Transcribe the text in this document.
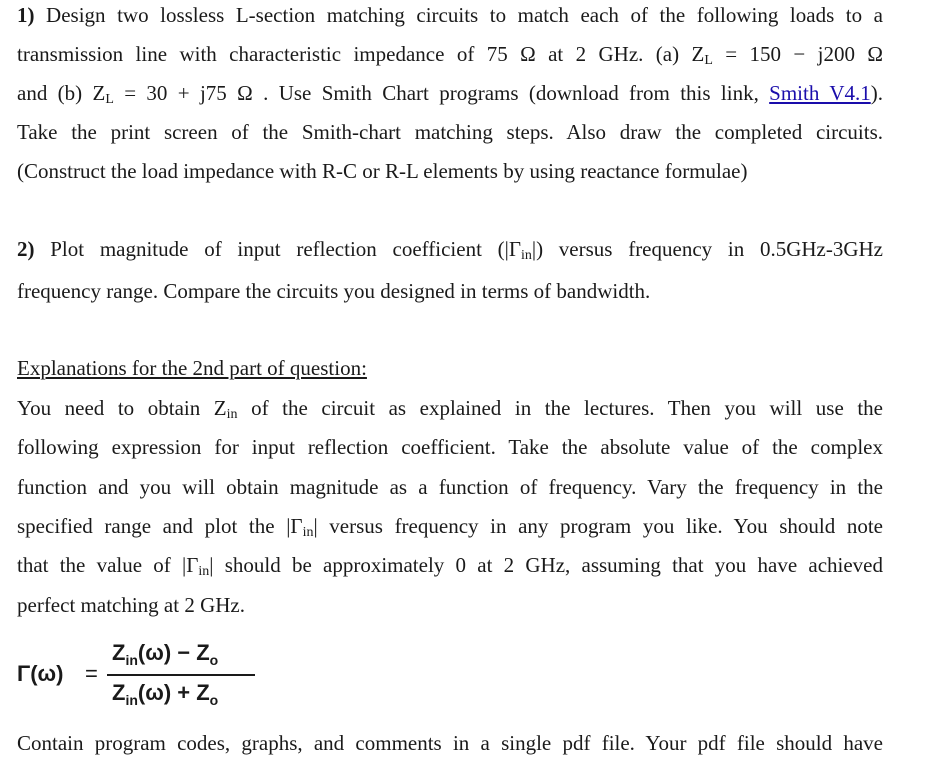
1) Design two lossless L-section matching circuits to match each of the following loads to a
transmission line with characteristic impedance of 75 Ω at 2 GHz. (a) $Z_L = 150 - j200$ Ω
and (b) $Z_L = 30 + j75$ Ω . Use Smith Chart programs (download from this link, Smith V4.1).
Take the print screen of the Smith-chart matching steps. Also draw the completed circuits.
(Construct the load impedance with R-C or R-L elements by using reactance formulae)
2) Plot magnitude of input reflection coefficient $(|\Gamma_{in}|)$ versus frequency in 0.5GHz-3GHz
frequency range. Compare the circuits you designed in terms of bandwidth.
Explanations for the 2nd part of question:
You need to obtain $Z_{in}$ of the circuit as explained in the lectures. Then you will use the
following expression for input reflection coefficient. Take the absolute value of the complex
function and you will obtain magnitude as a function of frequency. Vary the frequency in the
specified range and plot the $|\Gamma_{in}|$ versus frequency in any program you like. You should note
that the value of $|\Gamma_{in}|$ should be approximately 0 at 2 GHz, assuming that you have achieved
perfect matching at 2 GHz.
Γ(ω) =
$Z_{in}(\omega) - Z_o$
$Z_{in}(\omega) + Z_o$
Contain program codes, graphs, and comments in a single pdf file. Your pdf file should have
